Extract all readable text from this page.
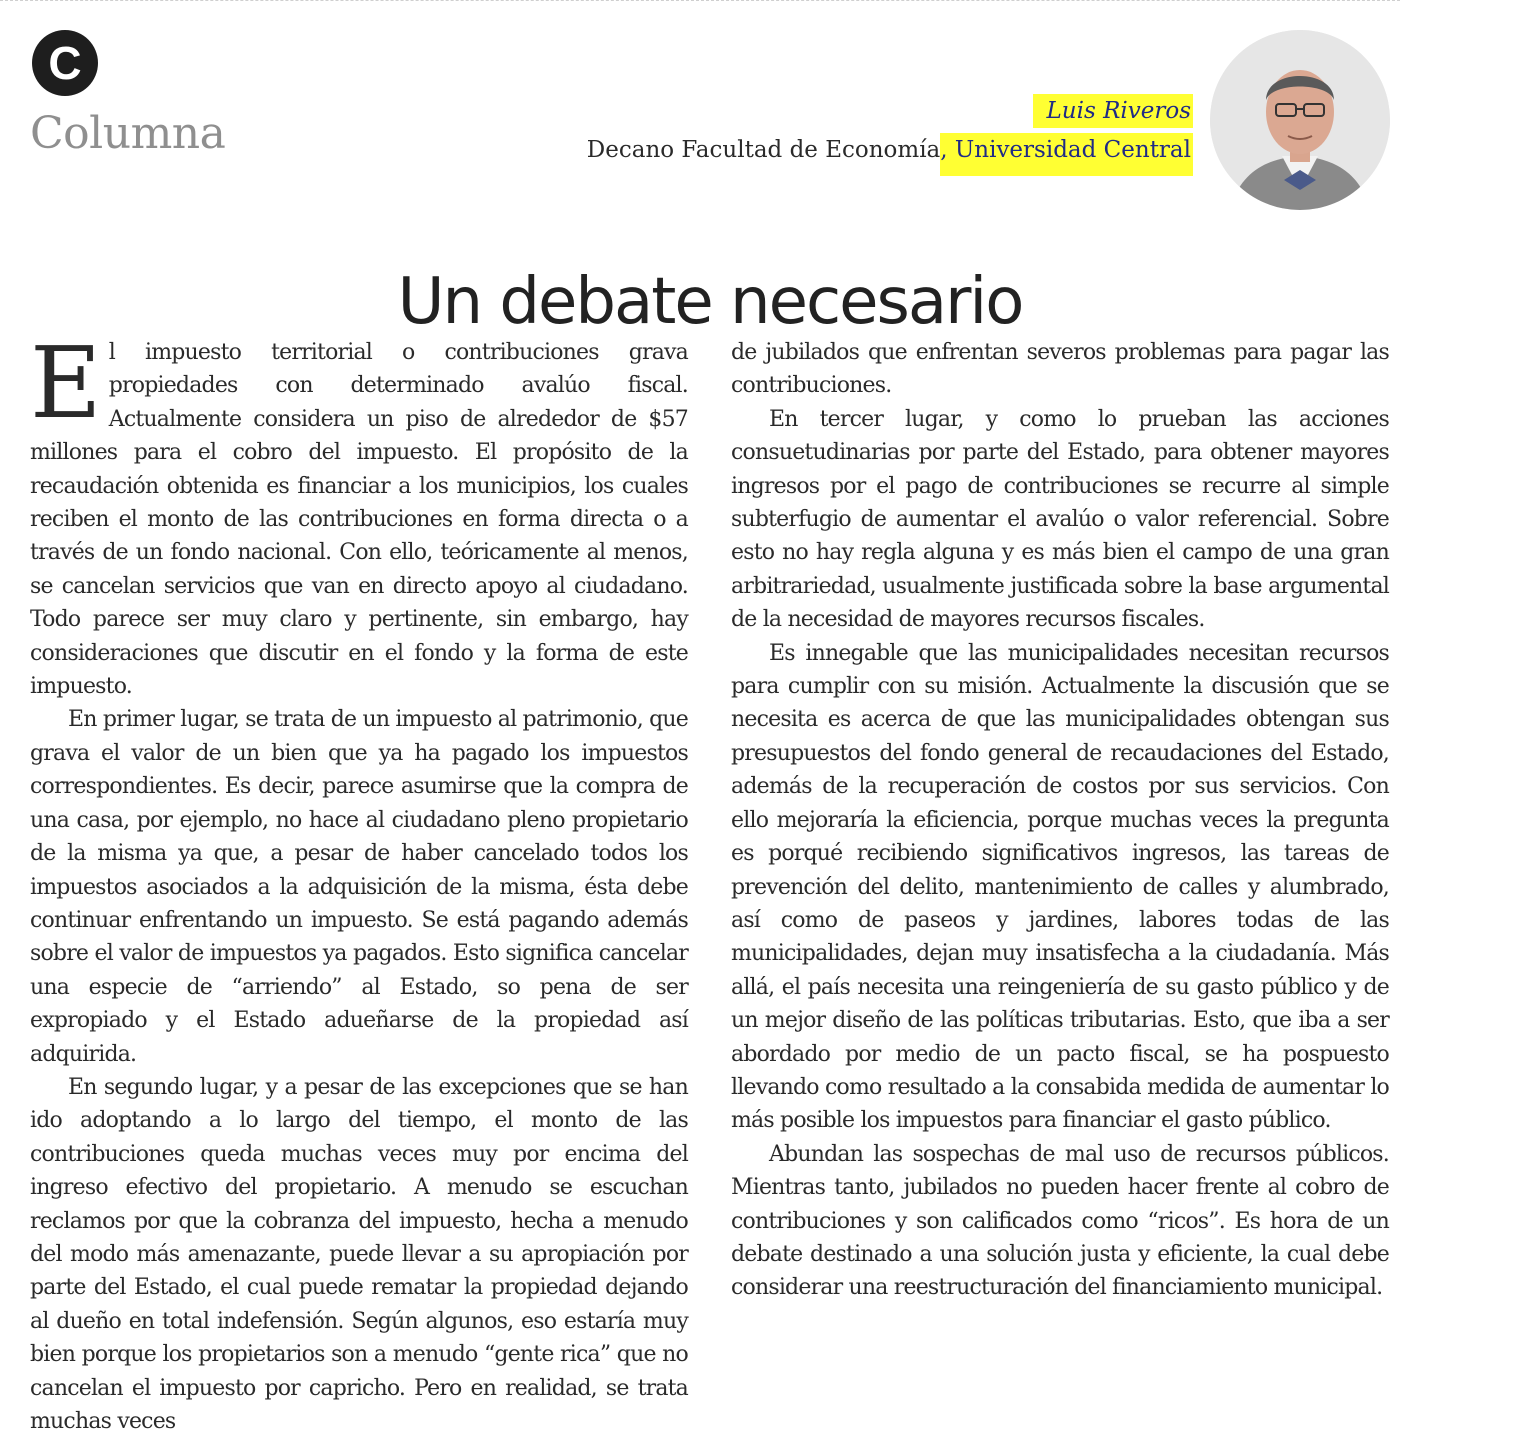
C
Columna	Luis Riveros
Decano Facultad de Economía, Universidad Central
Un debate necesario

El impuesto territorial o contribuciones grava propiedades con determinado avalúo fiscal. Actualmente considera un piso de alrededor de $57 millones para el cobro del impuesto. El propósito de la recaudación obtenida es financiar a los municipios, los cuales reciben el monto de las contribuciones en forma directa o a través de un fondo nacional. Con ello, teóricamente al menos, se cancelan servicios que van en directo apoyo al ciudadano. Todo parece ser muy claro y pertinente, sin embargo, hay consideraciones que discutir en el fondo y la forma de este impuesto.

En primer lugar, se trata de un impuesto al patrimonio, que grava el valor de un bien que ya ha pagado los impuestos correspondientes. Es decir, parece asumirse que la compra de una casa, por ejemplo, no hace al ciudadano pleno propietario de la misma ya que, a pesar de haber cancelado todos los impuestos asociados a la adquisición de la misma, ésta debe continuar enfrentando un impuesto. Se está pagando además sobre el valor de impuestos ya pagados. Esto significa cancelar una especie de “arriendo” al Estado, so pena de ser expropiado y el Estado adueñarse de la propiedad así adquirida.

En segundo lugar, y a pesar de las excepciones que se han ido adoptando a lo largo del tiempo, el monto de las contribuciones queda muchas veces muy por encima del ingreso efectivo del propietario. A menudo se escuchan reclamos por que la cobranza del impuesto, hecha a menudo del modo más amenazante, puede llevar a su apropiación por parte del Estado, el cual puede rematar la propiedad dejando al dueño en total indefensión. Según algunos, eso estaría muy bien porque los propietarios son a menudo “gente rica” que no cancelan el impuesto por capricho. Pero en realidad, se trata muchas veces

de jubilados que enfrentan severos problemas para pagar las contribuciones.

En tercer lugar, y como lo prueban las acciones consuetudinarias por parte del Estado, para obtener mayores ingresos por el pago de contribuciones se recurre al simple subterfugio de aumentar el avalúo o valor referencial. Sobre esto no hay regla alguna y es más bien el campo de una gran arbitrariedad, usualmente justificada sobre la base argumental de la necesidad de mayores recursos fiscales.

Es innegable que las municipalidades necesitan recursos para cumplir con su misión. Actualmente la discusión que se necesita es acerca de que las municipalidades obtengan sus presupuestos del fondo general de recaudaciones del Estado, además de la recuperación de costos por sus servicios. Con ello mejoraría la eficiencia, porque muchas veces la pregunta es porqué recibiendo significativos ingresos, las tareas de prevención del delito, mantenimiento de calles y alumbrado, así como de paseos y jardines, labores todas de las municipalidades, dejan muy insatisfecha a la ciudadanía. Más allá, el país necesita una reingeniería de su gasto público y de un mejor diseño de las políticas tributarias. Esto, que iba a ser abordado por medio de un pacto fiscal, se ha pospuesto llevando como resultado a la consabida medida de aumentar lo más posible los impuestos para financiar el gasto público.

Abundan las sospechas de mal uso de recursos públicos. Mientras tanto, jubilados no pueden hacer frente al cobro de contribuciones y son calificados como “ricos”. Es hora de un debate destinado a una solución justa y eficiente, la cual debe considerar una reestructuración del financiamiento municipal.
